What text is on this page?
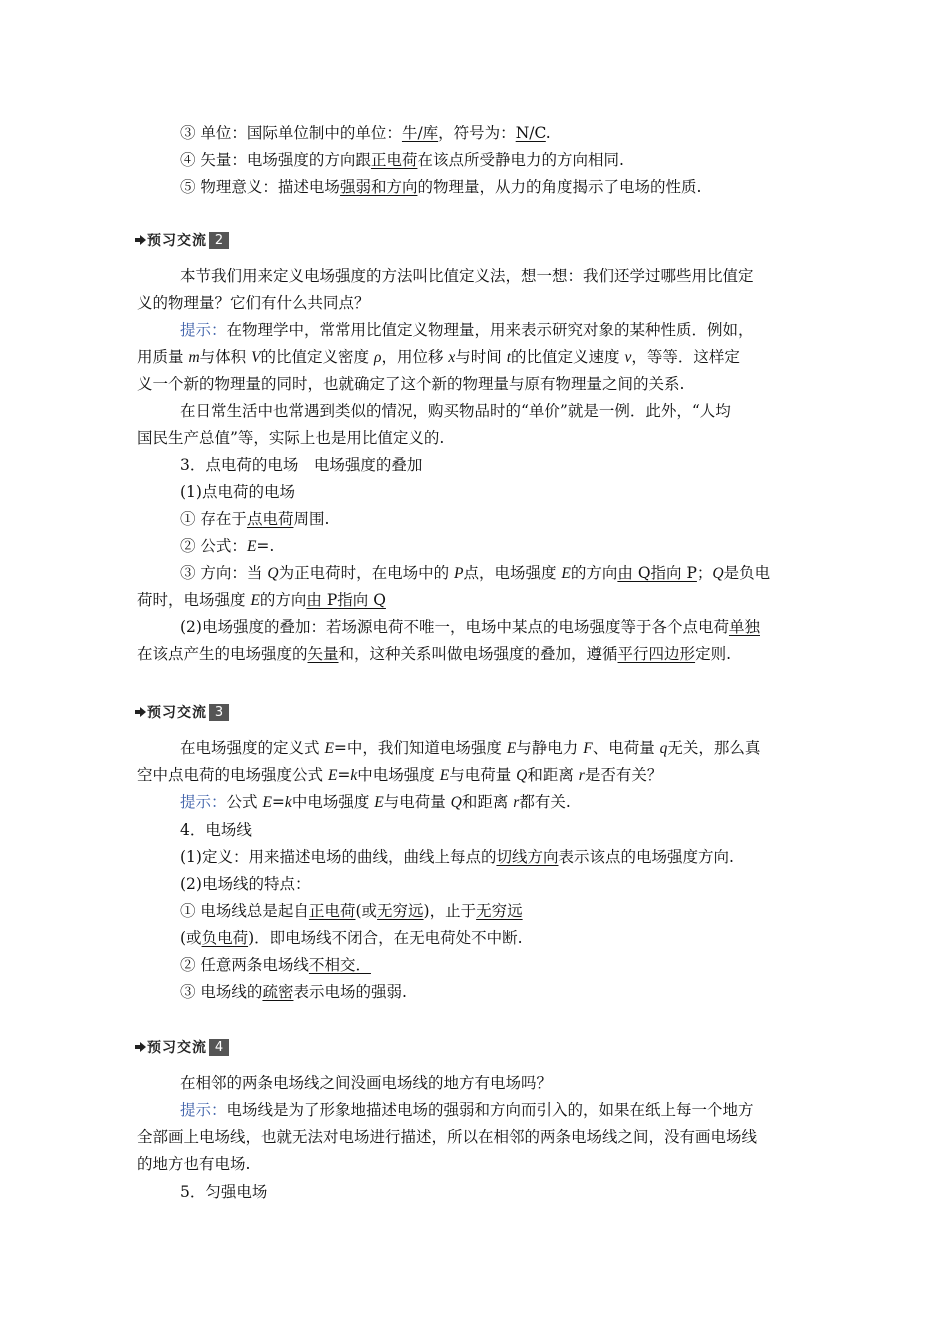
③ 单位：国际单位制中的单位：牛/库，符号为：N/C.
④ 矢量：电场强度的方向跟正电荷在该点所受静电力的方向相同.
⑤ 物理意义：描述电场强弱和方向的物理量，从力的角度揭示了电场的性质.
预习交流 2
本节我们用来定义电场强度的方法叫比值定义法，想一想：我们还学过哪些用比值定
义的物理量？它们有什么共同点？
提示：在物理学中，常常用比值定义物理量，用来表示研究对象的某种性质．例如，
用质量 m与体积 V的比值定义密度 ρ，用位移 x与时间 t的比值定义速度 v，等等．这样定
义一个新的物理量的同时，也就确定了这个新的物理量与原有物理量之间的关系.
在日常生活中也常遇到类似的情况，购买物品时的“单价”就是一例．此外，“人均
国民生产总值”等，实际上也是用比值定义的.
3．点电荷的电场　电场强度的叠加
(1)点电荷的电场
① 存在于点电荷周围.
② 公式：E=.
③ 方向：当 Q为正电荷时，在电场中的 P点，电场强度 E的方向由 Q指向 P；Q是负电
荷时，电场强度 E的方向由 P指向 Q
(2)电场强度的叠加：若场源电荷不唯一，电场中某点的电场强度等于各个点电荷单独
在该点产生的电场强度的矢量和，这种关系叫做电场强度的叠加，遵循平行四边形定则.
预习交流 3
在电场强度的定义式 E=中，我们知道电场强度 E与静电力 F、电荷量 q无关，那么真
空中点电荷的电场强度公式 E=k中电场强度 E与电荷量 Q和距离 r是否有关？
提示：公式 E=k中电场强度 E与电荷量 Q和距离 r都有关.
4．电场线
(1)定义：用来描述电场的曲线，曲线上每点的切线方向表示该点的电场强度方向.
(2)电场线的特点：
① 电场线总是起自正电荷(或无穷远)，止于无穷远
(或负电荷)．即电场线不闭合，在无电荷处不中断.
② 任意两条电场线不相交．
③ 电场线的疏密表示电场的强弱.
预习交流 4
在相邻的两条电场线之间没画电场线的地方有电场吗？
提示：电场线是为了形象地描述电场的强弱和方向而引入的，如果在纸上每一个地方
全部画上电场线，也就无法对电场进行描述，所以在相邻的两条电场线之间，没有画电场线
的地方也有电场.
5．匀强电场
